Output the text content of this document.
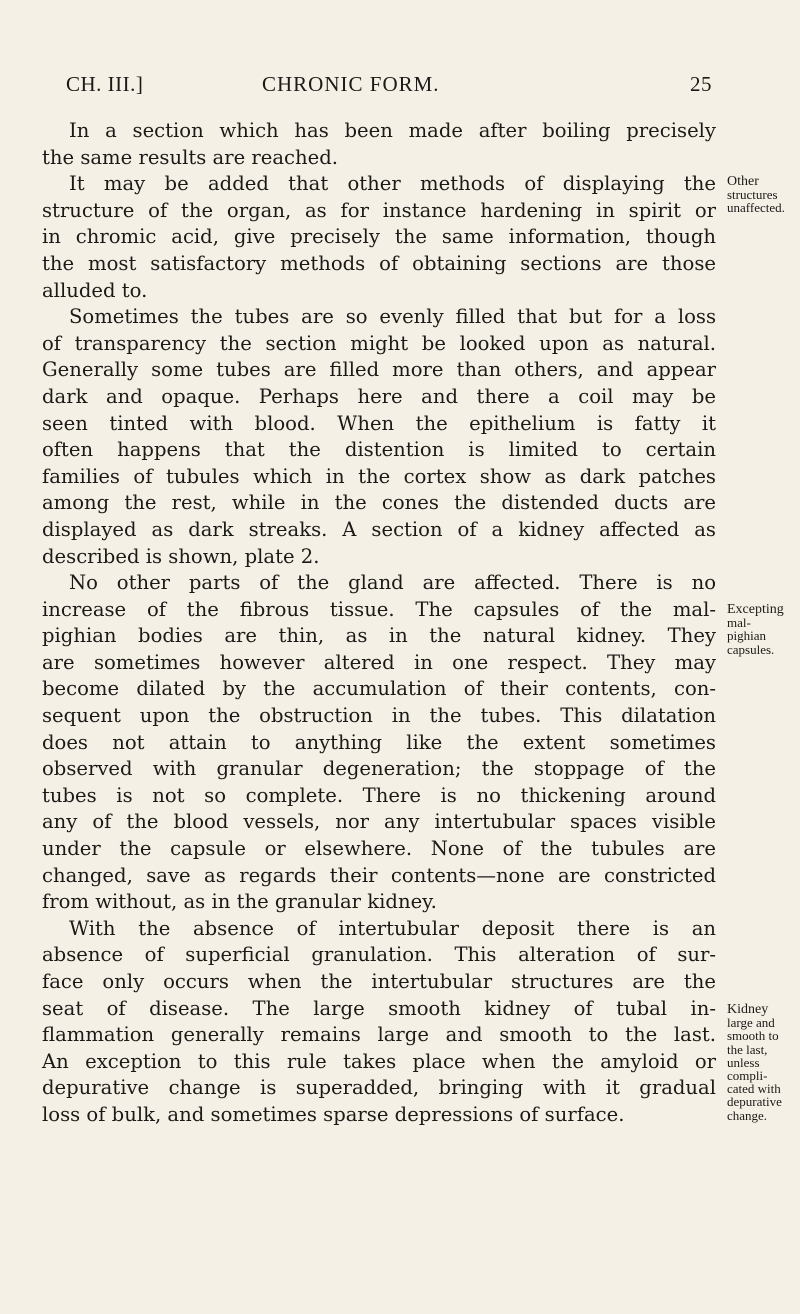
CH. III.]	CHRONIC FORM.	25
In a section which has been made after boiling precisely
the same results are reached.
It may be added that other methods of displaying the
structure of the organ, as for instance hardening in spirit or
in chromic acid, give precisely the same information, though
the most satisfactory methods of obtaining sections are those
alluded to.
Sometimes the tubes are so evenly filled that but for a loss
of transparency the section might be looked upon as natural.
Generally some tubes are filled more than others, and appear
dark and opaque. Perhaps here and there a coil may be
seen tinted with blood. When the epithelium is fatty it
often happens that the distention is limited to certain
families of tubules which in the cortex show as dark patches
among the rest, while in the cones the distended ducts are
displayed as dark streaks. A section of a kidney affected as
described is shown, plate 2.
No other parts of the gland are affected. There is no
increase of the fibrous tissue. The capsules of the mal-
pighian bodies are thin, as in the natural kidney. They
are sometimes however altered in one respect. They may
become dilated by the accumulation of their contents, con-
sequent upon the obstruction in the tubes. This dilatation
does not attain to anything like the extent sometimes
observed with granular degeneration; the stoppage of the
tubes is not so complete. There is no thickening around
any of the blood vessels, nor any intertubular spaces visible
under the capsule or elsewhere. None of the tubules are
changed, save as regards their contents—none are constricted
from without, as in the granular kidney.
With the absence of intertubular deposit there is an
absence of superficial granulation. This alteration of sur-
face only occurs when the intertubular structures are the
seat of disease. The large smooth kidney of tubal in-
flammation generally remains large and smooth to the last.
An exception to this rule takes place when the amyloid or
depurative change is superadded, bringing with it gradual
loss of bulk, and sometimes sparse depressions of surface.
Other
structures
unaffected.
Excepting
mal-
pighian
capsules.
Kidney
large and
smooth to
the last,
unless
compli-
cated with
depurative
change.
